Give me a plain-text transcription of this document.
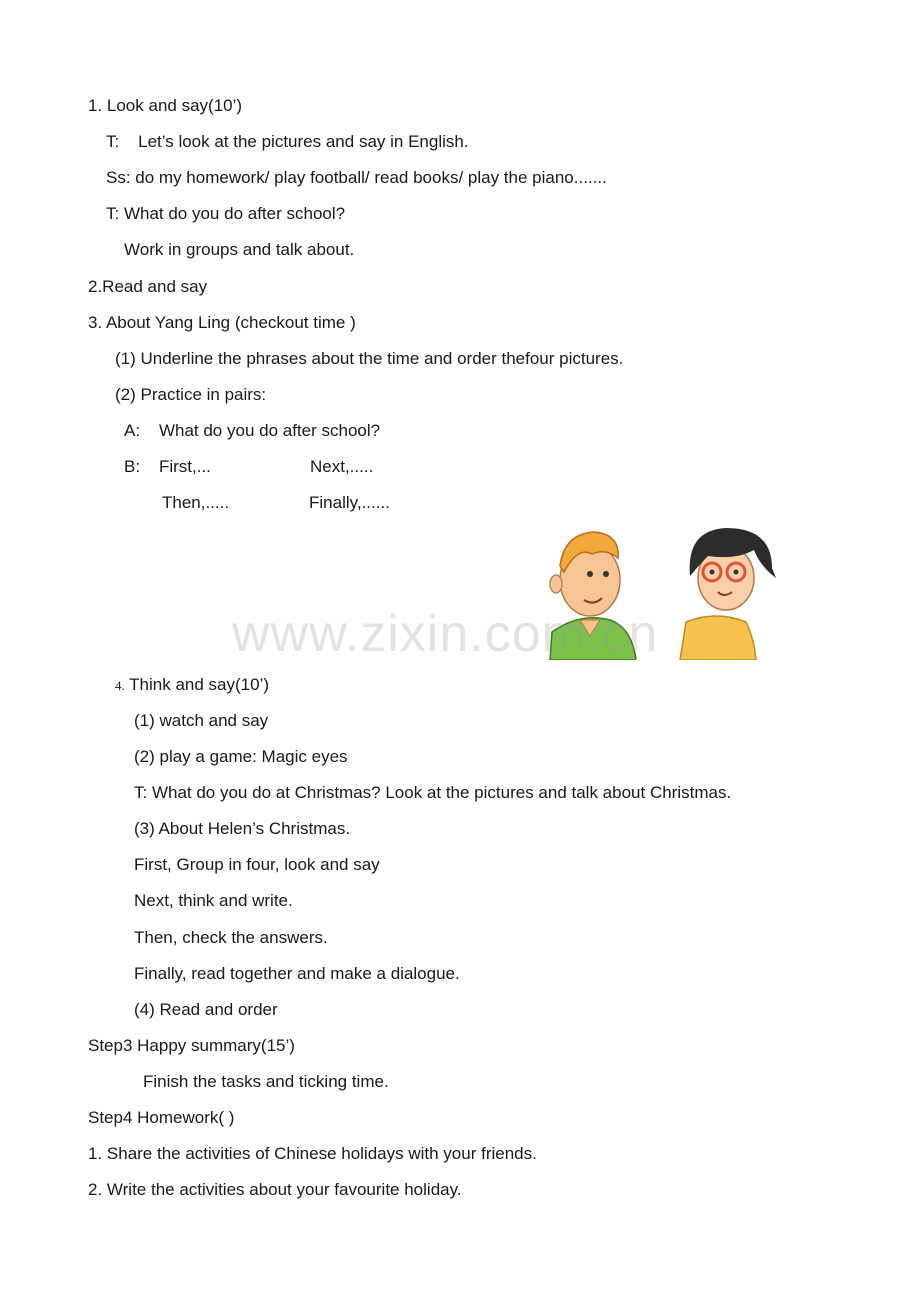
1. Look and say(10’)
T:    Let’s look at the pictures and say in English.
Ss: do my homework/ play football/ read books/ play the piano.......
T: What do you do after school?
Work in groups and talk about.
2.Read and say
3. About Yang Ling (checkout time )
(1) Underline the phrases about the time and order thefour pictures.
(2) Practice in pairs:
A:    What do you do after school?
B:    First,...	Next,.....
Then,.....	Finally,......
www.zixin.com.cn
4. Think and say(10’)
(1) watch and say
(2) play a game: Magic eyes
T: What do you do at Christmas? Look at the pictures and talk about Christmas.
(3) About Helen’s Christmas.
First, Group in four, look and say
Next, think and write.
Then, check the answers.
Finally, read together and make a dialogue.
(4) Read and order
Step3 Happy summary(15’)
Finish the tasks and ticking time.
Step4 Homework( )
1. Share the activities of Chinese holidays with your friends.
2. Write the activities about your favourite holiday.
